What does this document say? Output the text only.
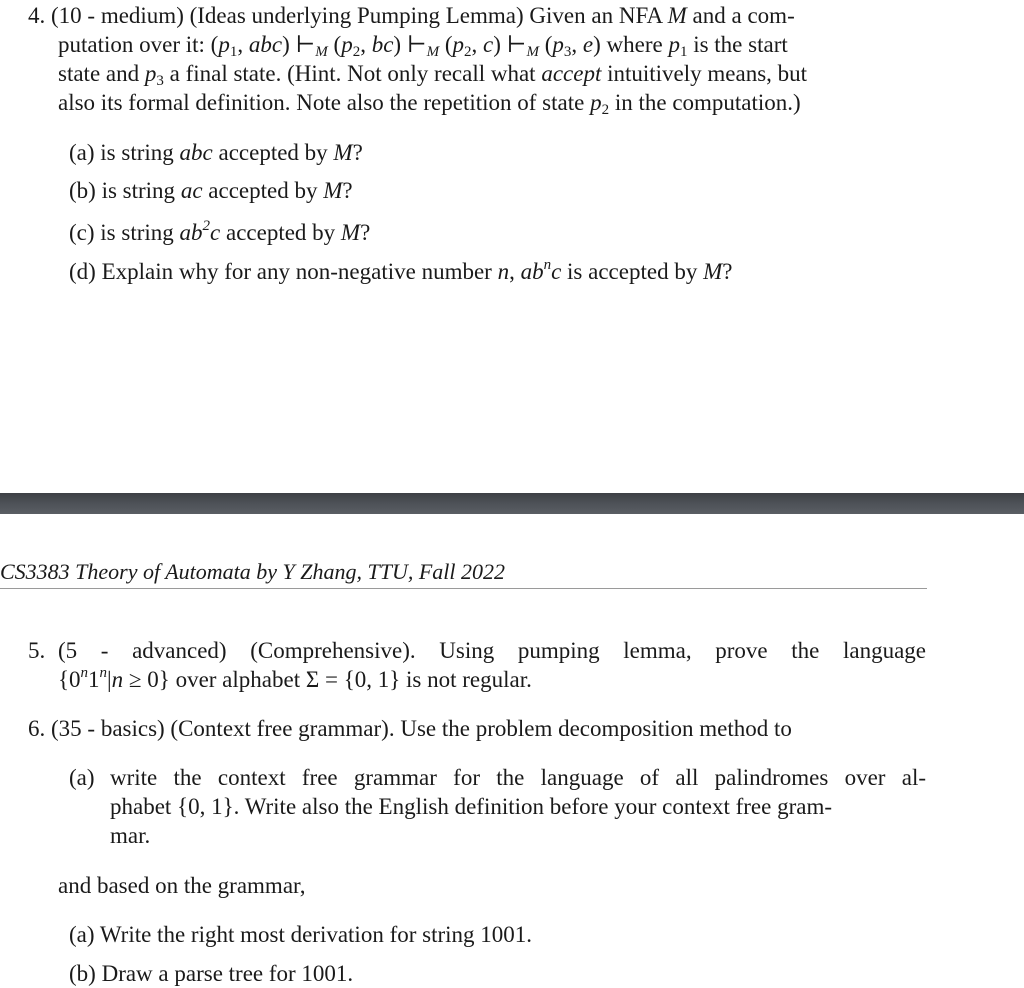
4. (10 - medium) (Ideas underlying Pumping Lemma) Given an NFA M and a com-
putation over it: ($p_1$, abc) $⊢_M$ ($p_2$, bc) $⊢_M$ ($p_2$, c) $⊢_M$ ($p_3$, e) where $p_1$ is the start
state and $p_3$ a final state. (Hint. Not only recall what accept intuitively means, but
also its formal definition. Note also the repetition of state $p_2$ in the computation.)
(a) is string abc accepted by M?
(b) is string ac accepted by M?
(c) is string $ab^2c$ accepted by M?
(d) Explain why for any non-negative number n, $ab^nc$ is accepted by M?
CS3383 Theory of Automata by Y Zhang, TTU, Fall 2022
5. (5 - advanced) (Comprehensive). Using pumping lemma, prove the language
$\{0^n1^n|n \ge 0\}$ over alphabet Σ = {0, 1} is not regular.
6. (35 - basics) (Context free grammar). Use the problem decomposition method to
(a) write the context free grammar for the language of all palindromes over al-
phabet {0, 1}. Write also the English definition before your context free gram-
mar.
and based on the grammar,
(a) Write the right most derivation for string 1001.
(b) Draw a parse tree for 1001.
